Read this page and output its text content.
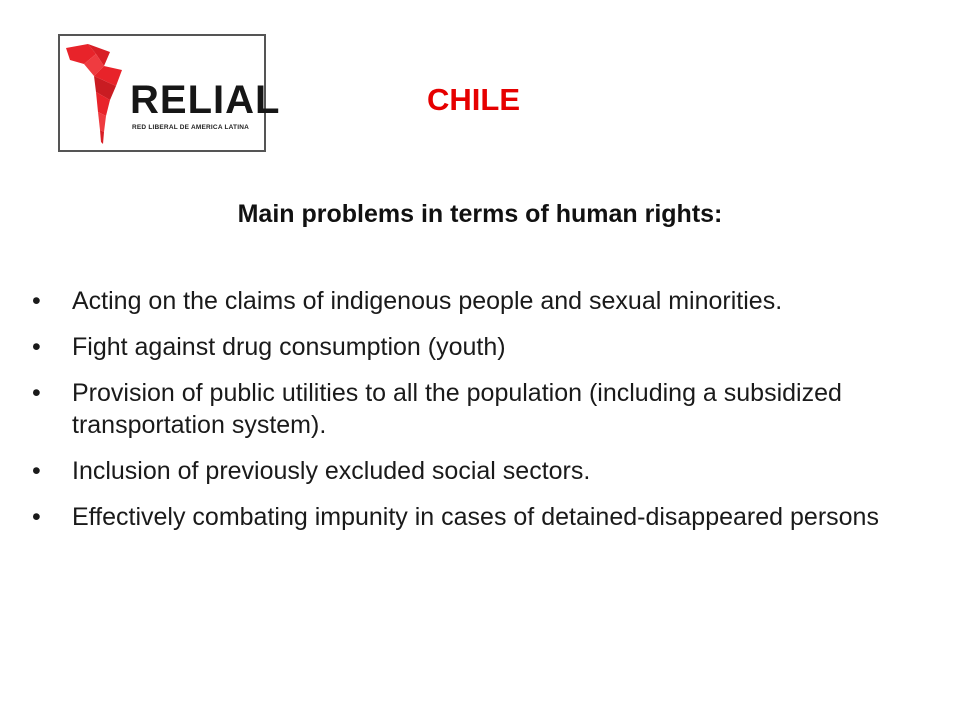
RELIAL
RED LIBERAL DE AMERICA LATINA
CHILE
Main problems in terms of human rights:
•	Acting on the claims of indigenous people and sexual minorities.
•	Fight against drug consumption (youth)
•	Provision of public utilities to all the population (including a subsidized transportation system).
•	Inclusion of previously excluded social sectors.
•	Effectively combating impunity in cases of detained-disappeared persons
